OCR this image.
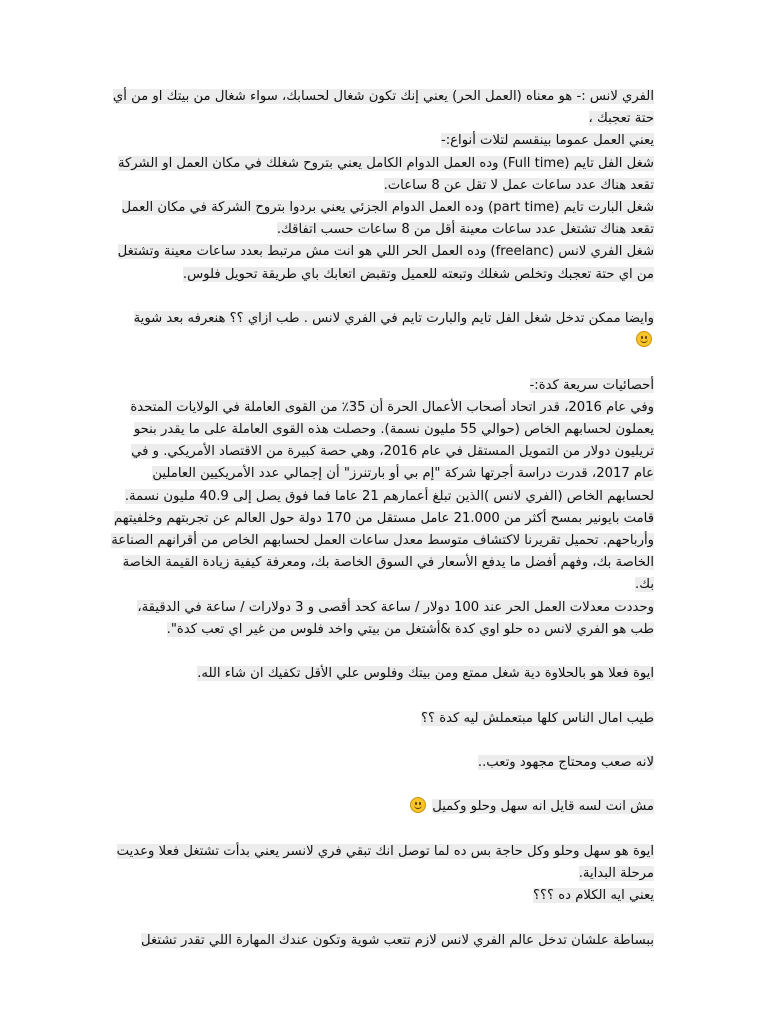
الفري لانس :- هو معناه (العمل الحر) يعني إنك تكون شغال لحسابك، سواء شغال من بيتك او من أي حتة تعجبك ،

يعني العمل عموما بينقسم لتلات أنواع:-

شغل الفل تايم (Full time) وده العمل الدوام الكامل يعني بتروح شغلك في مكان العمل او الشركة تقعد هناك عدد ساعات عمل لا تقل عن 8 ساعات.

شغل البارت تايم (part time) وده العمل الدوام الجزئي يعني بردوا بتروح الشركة في مكان العمل تقعد هناك تشتغل عدد ساعات معينة أقل من 8 ساعات حسب اتفاقك.

شغل الفري لانس (freelanc) وده العمل الحر اللي هو انت مش مرتبط بعدد ساعات معينة وتشتغل من اي حتة تعجبك وتخلص شغلك وتبعته للعميل وتقبض اتعابك باي طريقة تحويل فلوس.

وايضا ممكن تدخل شغل الفل تايم والبارت تايم في الفري لانس . طب ازاي ؟؟ هنعرفه بعد شوية

أحصائيات سريعة كدة:-

وفي عام 2016، قدر اتحاد أصحاب الأعمال الحرة أن 35٪ من القوى العاملة في الولايات المتحدة يعملون لحسابهم الخاص (حوالي 55 مليون نسمة). وحصلت هذه القوى العاملة على ما يقدر بنحو تريليون دولار من التمويل المستقل في عام 2016، وهي حصة كبيرة من الاقتصاد الأمريكي. و في عام 2017، قدرت دراسة أجرتها شركة "إم بي أو بارتنرز" أن إجمالي عدد الأمريكيين العاملين لحسابهم الخاص (الفري لانس )الذين تبلغ أعمارهم 21 عاما فما فوق يصل إلى 40.9 مليون نسمة.

قامت بايونير بمسح أكثر من 21.000 عامل مستقل من 170 دولة حول العالم عن تجربتهم وخلفيتهم وأرباحهم. تحميل تقريرنا لاكتشاف متوسط معدل ساعات العمل لحسابهم الخاص من أقرانهم الصناعة الخاصة بك، وفهم أفضل ما يدفع الأسعار في السوق الخاصة بك، ومعرفة كيفية زيادة القيمة الخاصة بك.

وحددت معدلات العمل الحر عند 100 دولار / ساعة كحد أقصى و 3 دولارات / ساعة في الدقيقة، طب هو الفري لانس ده حلو اوي كدة &أشتغل من بيتي واخد فلوس من غير اي تعب كدة".

ايوة فعلا هو بالحلاوة دية شغل ممتع ومن بيتك وفلوس علي الأقل تكفيك ان شاء الله.

طيب امال الناس كلها مبتعملش ليه كدة ؟؟

لانه صعب ومحتاج مجهود وتعب..

مش انت لسه قايل انه سهل وحلو وكميل

ايوة هو سهل وحلو وكل حاجة بس ده لما توصل انك تبقي فري لانسر يعني بدأت تشتغل فعلا وعديت مرحلة البداية.

يعني ايه الكلام ده ؟؟؟

ببساطة علشان تدخل عالم الفري لانس لازم تتعب شوية وتكون عندك المهارة اللي تقدر تشتغل
